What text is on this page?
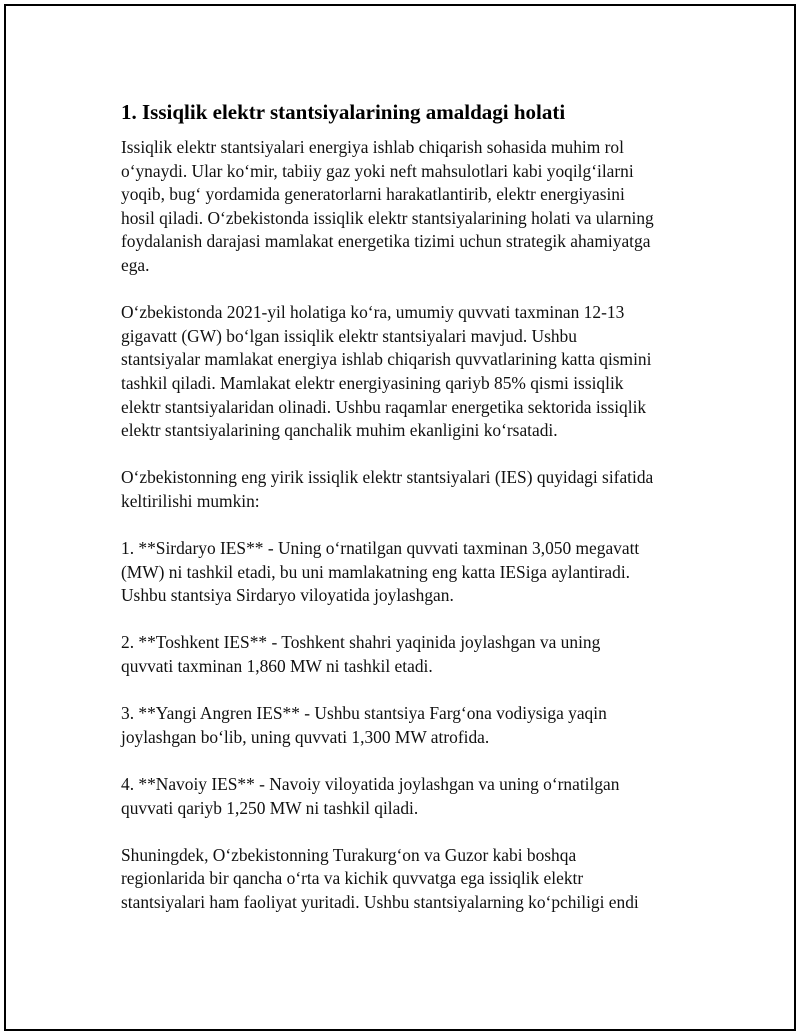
1. Issiqlik elektr stantsiyalarining amaldagi holati

Issiqlik elektr stantsiyalari energiya ishlab chiqarish sohasida muhim rol
o‘ynaydi. Ular ko‘mir, tabiiy gaz yoki neft mahsulotlari kabi yoqilg‘ilarni
yoqib, bug‘ yordamida generatorlarni harakatlantirib, elektr energiyasini
hosil qiladi. O‘zbekistonda issiqlik elektr stantsiyalarining holati va ularning
foydalanish darajasi mamlakat energetika tizimi uchun strategik ahamiyatga
ega.

O‘zbekistonda 2021-yil holatiga ko‘ra, umumiy quvvati taxminan 12-13
gigavatt (GW) bo‘lgan issiqlik elektr stantsiyalari mavjud. Ushbu
stantsiyalar mamlakat energiya ishlab chiqarish quvvatlarining katta qismini
tashkil qiladi. Mamlakat elektr energiyasining qariyb 85% qismi issiqlik
elektr stantsiyalaridan olinadi. Ushbu raqamlar energetika sektorida issiqlik
elektr stantsiyalarining qanchalik muhim ekanligini ko‘rsatadi.

O‘zbekistonning eng yirik issiqlik elektr stantsiyalari (IES) quyidagi sifatida
keltirilishi mumkin:

1. **Sirdaryo IES** - Uning o‘rnatilgan quvvati taxminan 3,050 megavatt
(MW) ni tashkil etadi, bu uni mamlakatning eng katta IESiga aylantiradi.
Ushbu stantsiya Sirdaryo viloyatida joylashgan.

2. **Toshkent IES** - Toshkent shahri yaqinida joylashgan va uning
quvvati taxminan 1,860 MW ni tashkil etadi.

3. **Yangi Angren IES** - Ushbu stantsiya Farg‘ona vodiysiga yaqin
joylashgan bo‘lib, uning quvvati 1,300 MW atrofida.

4. **Navoiy IES** - Navoiy viloyatida joylashgan va uning o‘rnatilgan
quvvati qariyb 1,250 MW ni tashkil qiladi.

Shuningdek, O‘zbekistonning Turakurg‘on va Guzor kabi boshqa
regionlarida bir qancha o‘rta va kichik quvvatga ega issiqlik elektr
stantsiyalari ham faoliyat yuritadi. Ushbu stantsiyalarning ko‘pchiligi endi
